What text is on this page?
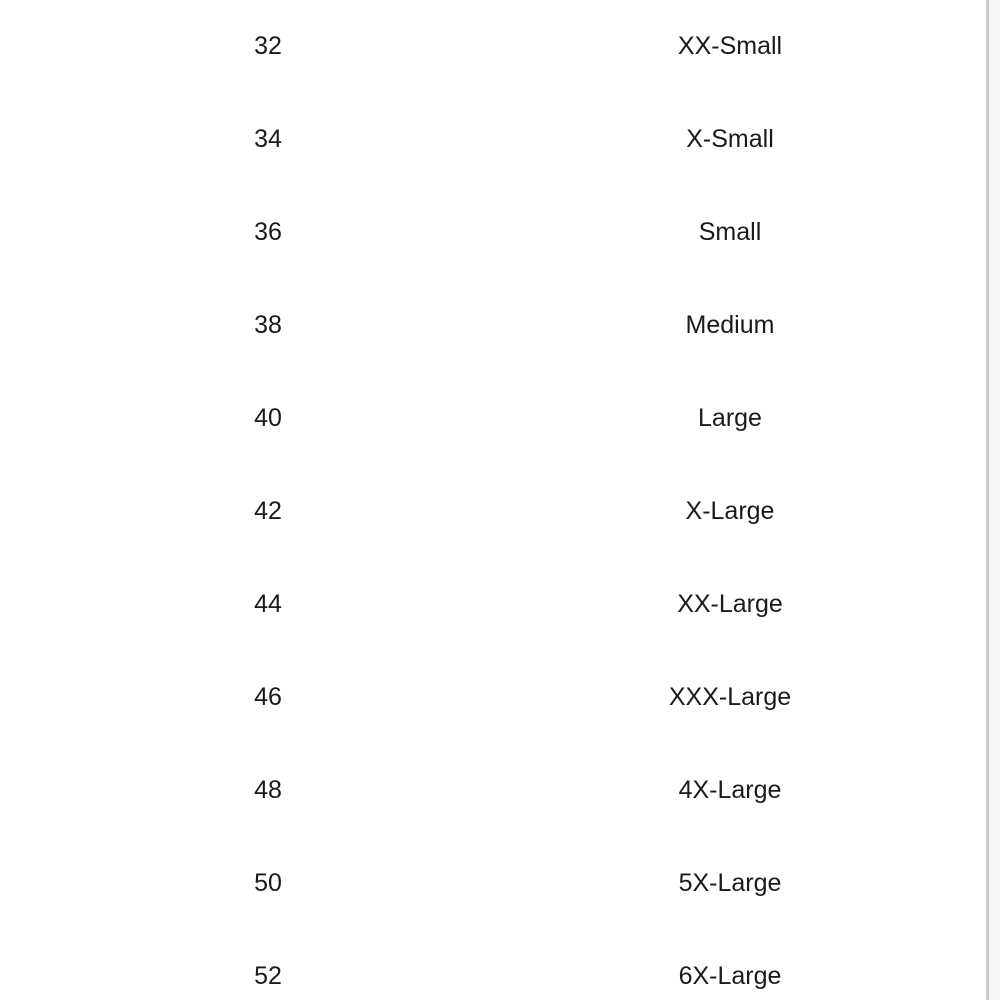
32	XX-Small
34	X-Small
36	Small
38	Medium
40	Large
42	X-Large
44	XX-Large
46	XXX-Large
48	4X-Large
50	5X-Large
52	6X-Large
